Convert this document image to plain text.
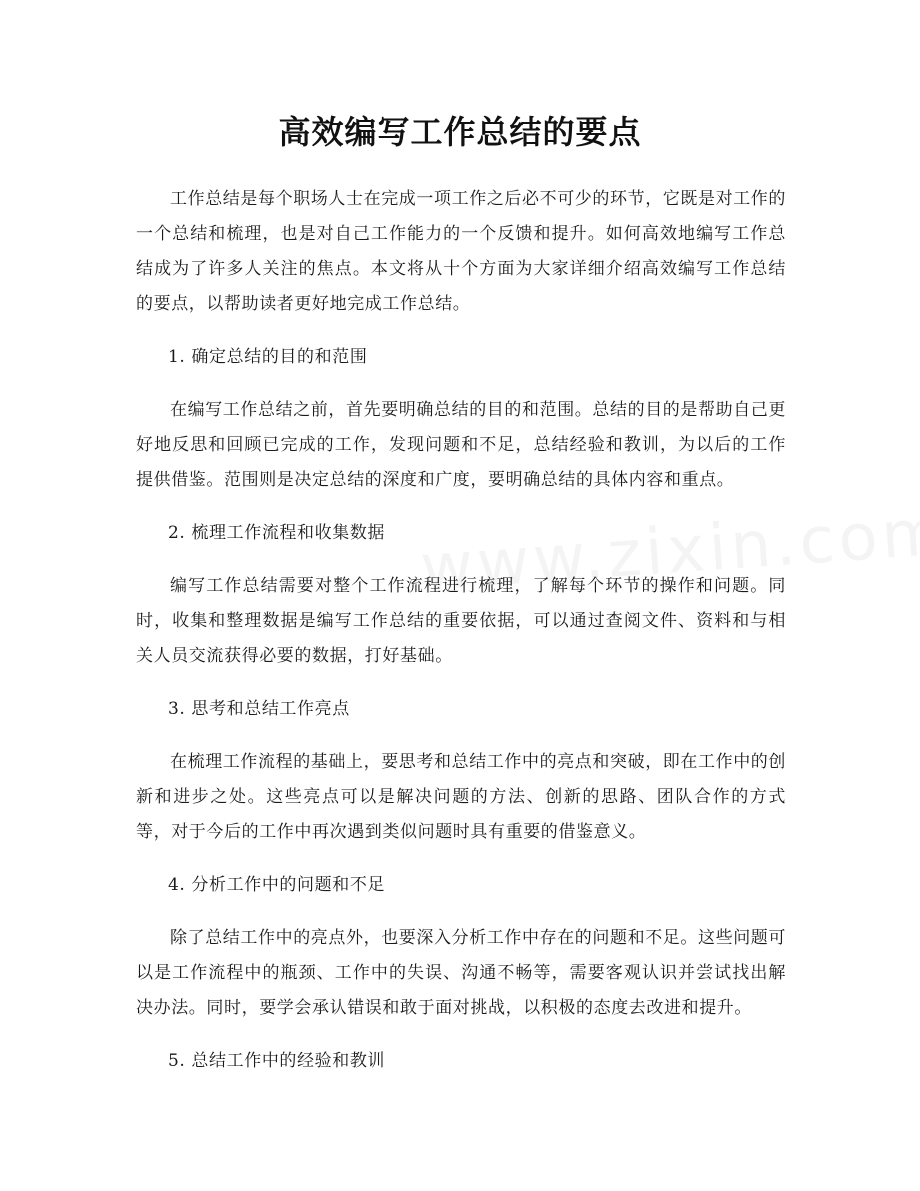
高效编写工作总结的要点

工作总结是每个职场人士在完成一项工作之后必不可少的环节，它既是对工作的一个总结和梳理，也是对自己工作能力的一个反馈和提升。如何高效地编写工作总结成为了许多人关注的焦点。本文将从十个方面为大家详细介绍高效编写工作总结的要点，以帮助读者更好地完成工作总结。

1. 确定总结的目的和范围

在编写工作总结之前，首先要明确总结的目的和范围。总结的目的是帮助自己更好地反思和回顾已完成的工作，发现问题和不足，总结经验和教训，为以后的工作提供借鉴。范围则是决定总结的深度和广度，要明确总结的具体内容和重点。

2. 梳理工作流程和收集数据

编写工作总结需要对整个工作流程进行梳理，了解每个环节的操作和问题。同时，收集和整理数据是编写工作总结的重要依据，可以通过查阅文件、资料和与相关人员交流获得必要的数据，打好基础。

3. 思考和总结工作亮点

在梳理工作流程的基础上，要思考和总结工作中的亮点和突破，即在工作中的创新和进步之处。这些亮点可以是解决问题的方法、创新的思路、团队合作的方式等，对于今后的工作中再次遇到类似问题时具有重要的借鉴意义。

4. 分析工作中的问题和不足

除了总结工作中的亮点外，也要深入分析工作中存在的问题和不足。这些问题可以是工作流程中的瓶颈、工作中的失误、沟通不畅等，需要客观认识并尝试找出解决办法。同时，要学会承认错误和敢于面对挑战，以积极的态度去改进和提升。

5. 总结工作中的经验和教训
